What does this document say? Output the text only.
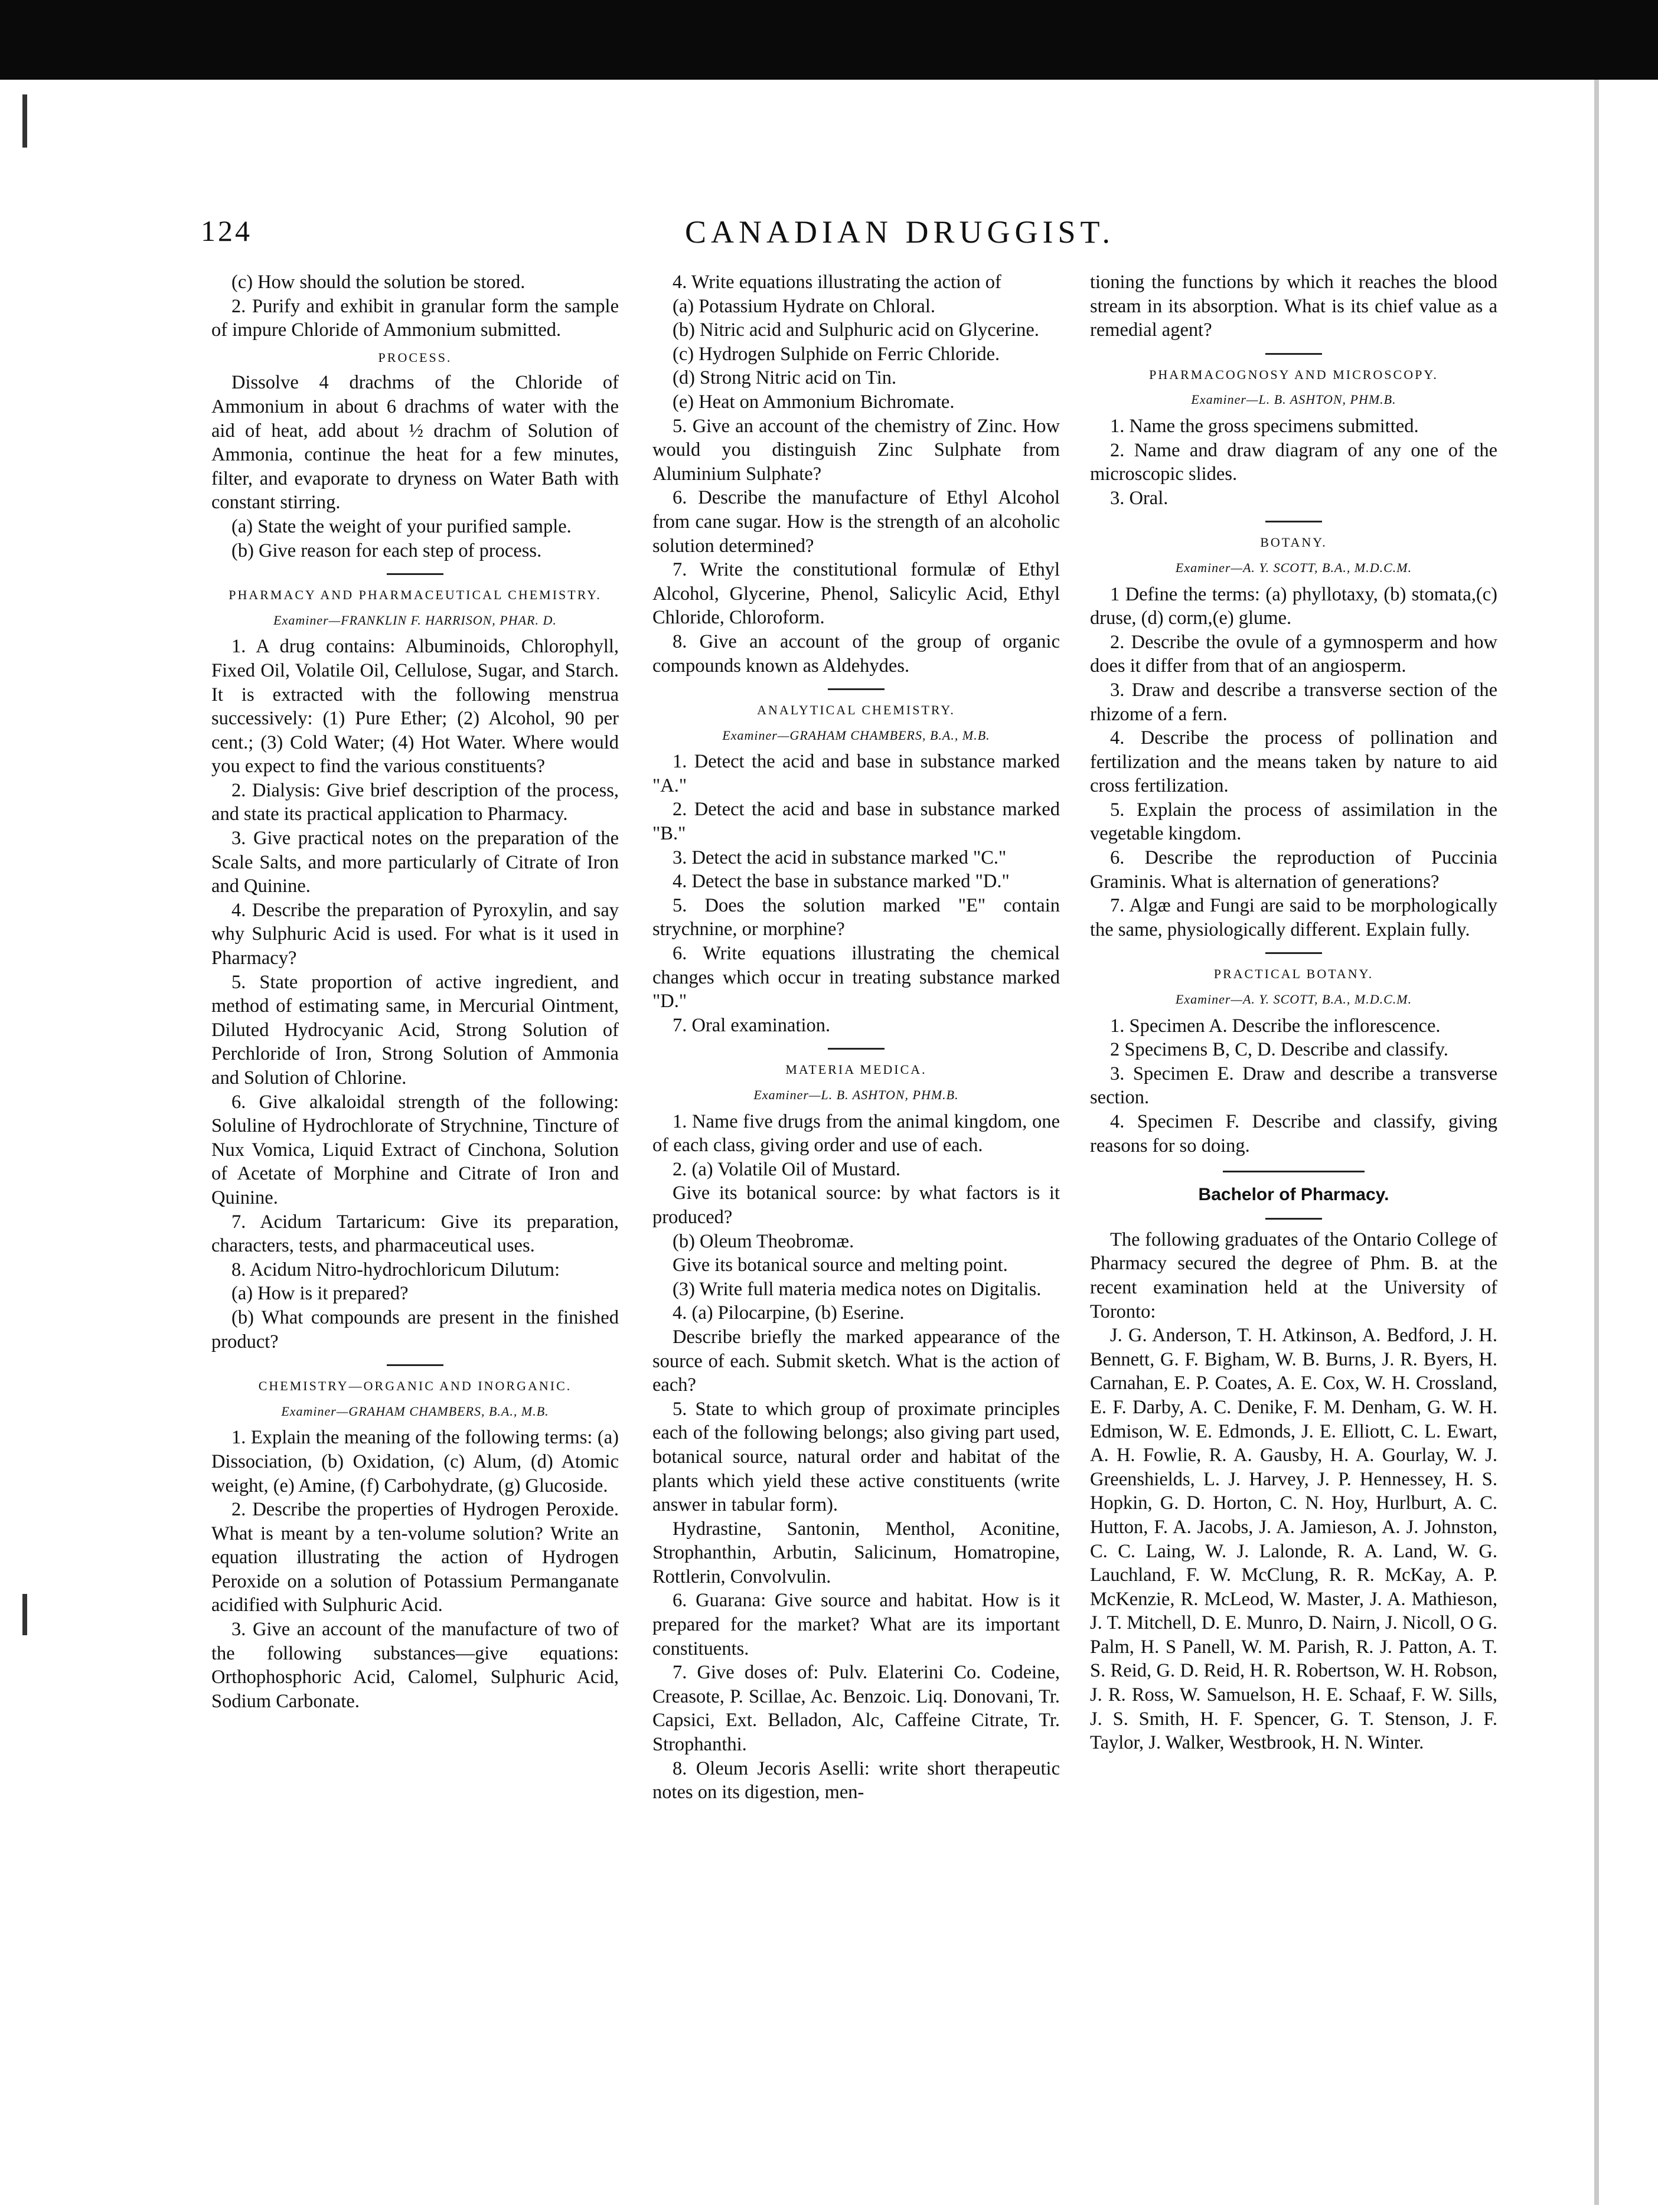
124	CANADIAN DRUGGIST.

(c) How should the solution be stored.

2. Purify and exhibit in granular form the sample of impure Chloride of Ammonium submitted.

PROCESS.

Dissolve 4 drachms of the Chloride of Ammonium in about 6 drachms of water with the aid of heat, add about ½ drachm of Solution of Ammonia, continue the heat for a few minutes, filter, and evaporate to dryness on Water Bath with constant stirring.

(a) State the weight of your purified sample.

(b) Give reason for each step of process.

PHARMACY AND PHARMACEUTICAL CHEMISTRY.

Examiner—FRANKLIN F. HARRISON, PHAR. D.

1. A drug contains: Albuminoids, Chlorophyll, Fixed Oil, Volatile Oil, Cellulose, Sugar, and Starch. It is extracted with the following menstrua successively: (1) Pure Ether; (2) Alcohol, 90 per cent.; (3) Cold Water; (4) Hot Water. Where would you expect to find the various constituents?

2. Dialysis: Give brief description of the process, and state its practical application to Pharmacy.

3. Give practical notes on the preparation of the Scale Salts, and more particularly of Citrate of Iron and Quinine.

4. Describe the preparation of Pyroxylin, and say why Sulphuric Acid is used. For what is it used in Pharmacy?

5. State proportion of active ingredient, and method of estimating same, in Mercurial Ointment, Diluted Hydrocyanic Acid, Strong Solution of Perchloride of Iron, Strong Solution of Ammonia and Solution of Chlorine.

6. Give alkaloidal strength of the following: Soluline of Hydrochlorate of Strychnine, Tincture of Nux Vomica, Liquid Extract of Cinchona, Solution of Acetate of Morphine and Citrate of Iron and Quinine.

7. Acidum Tartaricum: Give its preparation, characters, tests, and pharmaceutical uses.

8. Acidum Nitro-hydrochloricum Dilutum:

(a) How is it prepared?

(b) What compounds are present in the finished product?

CHEMISTRY—ORGANIC AND INORGANIC.

Examiner—GRAHAM CHAMBERS, B.A., M.B.

1. Explain the meaning of the following terms: (a) Dissociation, (b) Oxidation, (c) Alum, (d) Atomic weight, (e) Amine, (f) Carbohydrate, (g) Glucoside.

2. Describe the properties of Hydrogen Peroxide. What is meant by a ten-volume solution? Write an equation illustrating the action of Hydrogen Peroxide on a solution of Potassium Permanganate acidified with Sulphuric Acid.

3. Give an account of the manufacture of two of the following substances—give equations: Orthophosphoric Acid, Calomel, Sulphuric Acid, Sodium Carbonate.

4. Write equations illustrating the action of

(a) Potassium Hydrate on Chloral.

(b) Nitric acid and Sulphuric acid on Glycerine.

(c) Hydrogen Sulphide on Ferric Chloride.

(d) Strong Nitric acid on Tin.

(e) Heat on Ammonium Bichromate.

5. Give an account of the chemistry of Zinc. How would you distinguish Zinc Sulphate from Aluminium Sulphate?

6. Describe the manufacture of Ethyl Alcohol from cane sugar. How is the strength of an alcoholic solution determined?

7. Write the constitutional formulæ of Ethyl Alcohol, Glycerine, Phenol, Salicylic Acid, Ethyl Chloride, Chloroform.

8. Give an account of the group of organic compounds known as Aldehydes.

ANALYTICAL CHEMISTRY.

Examiner—GRAHAM CHAMBERS, B.A., M.B.

1. Detect the acid and base in substance marked "A."

2. Detect the acid and base in substance marked "B."

3. Detect the acid in substance marked "C."

4. Detect the base in substance marked "D."

5. Does the solution marked "E" contain strychnine, or morphine?

6. Write equations illustrating the chemical changes which occur in treating substance marked "D."

7. Oral examination.

MATERIA MEDICA.

Examiner—L. B. ASHTON, PHM.B.

1. Name five drugs from the animal kingdom, one of each class, giving order and use of each.

2. (a) Volatile Oil of Mustard.

Give its botanical source: by what factors is it produced?

(b) Oleum Theobromæ.

Give its botanical source and melting point.

(3) Write full materia medica notes on Digitalis.

4. (a) Pilocarpine, (b) Eserine.

Describe briefly the marked appearance of the source of each. Submit sketch. What is the action of each?

5. State to which group of proximate principles each of the following belongs; also giving part used, botanical source, natural order and habitat of the plants which yield these active constituents (write answer in tabular form).

Hydrastine, Santonin, Menthol, Aconitine, Strophanthin, Arbutin, Salicinum, Homatropine, Rottlerin, Convolvulin.

6. Guarana: Give source and habitat. How is it prepared for the market? What are its important constituents.

7. Give doses of: Pulv. Elaterini Co. Codeine, Creasote, P. Scillae, Ac. Benzoic. Liq. Donovani, Tr. Capsici, Ext. Belladon, Alc, Caffeine Citrate, Tr. Strophanthi.

8. Oleum Jecoris Aselli: write short therapeutic notes on its digestion, men-

tioning the functions by which it reaches the blood stream in its absorption. What is its chief value as a remedial agent?

PHARMACOGNOSY AND MICROSCOPY.

Examiner—L. B. ASHTON, PHM.B.

1. Name the gross specimens submitted.

2. Name and draw diagram of any one of the microscopic slides.

3. Oral.

BOTANY.

Examiner—A. Y. SCOTT, B.A., M.D.C.M.

1 Define the terms: (a) phyllotaxy, (b) stomata,(c) druse, (d) corm,(e) glume.

2. Describe the ovule of a gymnosperm and how does it differ from that of an angiosperm.

3. Draw and describe a transverse section of the rhizome of a fern.

4. Describe the process of pollination and fertilization and the means taken by nature to aid cross fertilization.

5. Explain the process of assimilation in the vegetable kingdom.

6. Describe the reproduction of Puccinia Graminis. What is alternation of generations?

7. Algæ and Fungi are said to be morphologically the same, physiologically different. Explain fully.

PRACTICAL BOTANY.

Examiner—A. Y. SCOTT, B.A., M.D.C.M.

1. Specimen A. Describe the inflorescence.

2 Specimens B, C, D. Describe and classify.

3. Specimen E. Draw and describe a transverse section.

4. Specimen F. Describe and classify, giving reasons for so doing.

Bachelor of Pharmacy.

The following graduates of the Ontario College of Pharmacy secured the degree of Phm. B. at the recent examination held at the University of Toronto:

J. G. Anderson, T. H. Atkinson, A. Bedford, J. H. Bennett, G. F. Bigham, W. B. Burns, J. R. Byers, H. Carnahan, E. P. Coates, A. E. Cox, W. H. Crossland, E. F. Darby, A. C. Denike, F. M. Denham, G. W. H. Edmison, W. E. Edmonds, J. E. Elliott, C. L. Ewart, A. H. Fowlie, R. A. Gausby, H. A. Gourlay, W. J. Greenshields, L. J. Harvey, J. P. Hennessey, H. S. Hopkin, G. D. Horton, C. N. Hoy, Hurlburt, A. C. Hutton, F. A. Jacobs, J. A. Jamieson, A. J. Johnston, C. C. Laing, W. J. Lalonde, R. A. Land, W. G. Lauchland, F. W. McClung, R. R. McKay, A. P. McKenzie, R. McLeod, W. Master, J. A. Mathieson, J. T. Mitchell, D. E. Munro, D. Nairn, J. Nicoll, O G. Palm, H. S Panell, W. M. Parish, R. J. Patton, A. T. S. Reid, G. D. Reid, H. R. Robertson, W. H. Robson, J. R. Ross, W. Samuelson, H. E. Schaaf, F. W. Sills, J. S. Smith, H. F. Spencer, G. T. Stenson, J. F. Taylor, J. Walker, Westbrook, H. N. Winter.
